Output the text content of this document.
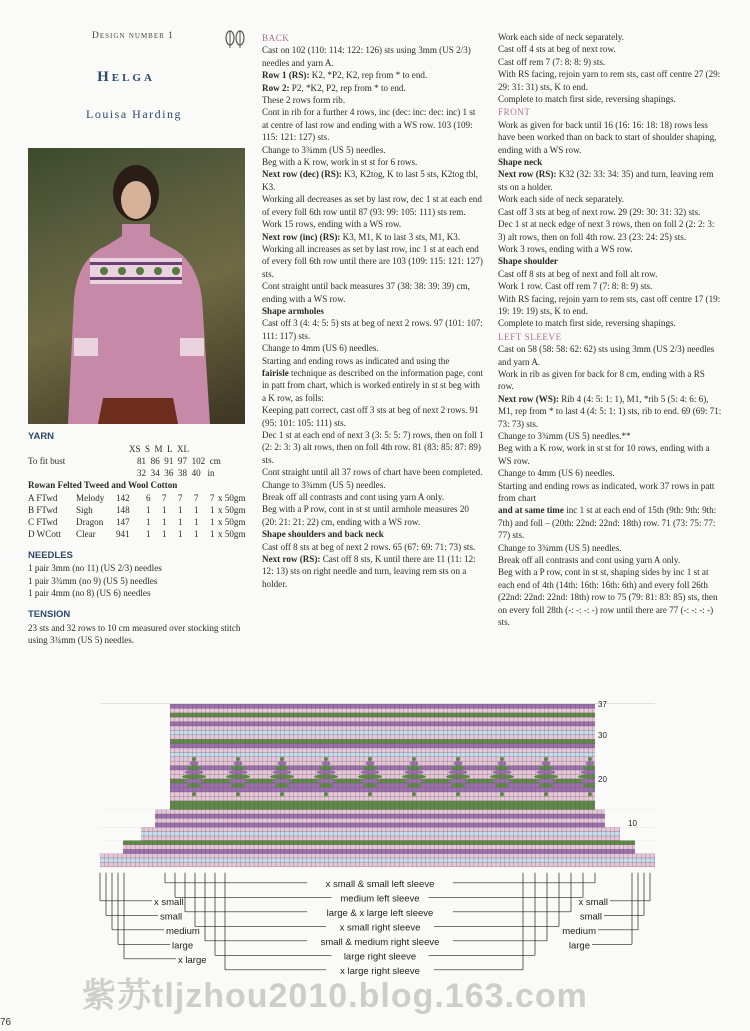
Design number 1
Helga
Louisa Harding
YARN
		XS S M L XL
To fit bust	81 86 91 97 102 cm
32 34 36 38 40 in
Rowan Felted Tweed and Wool Cotton
A FTwd Melody 142 6 7 7 7 7 x 50gm
B FTwd Sigh	148 1 1 1 1 1 x 50gm
C FTwd Dragon 147 1 1 1 1 1 x 50gm
D WCott Clear 941 1 1 1 1 1 x 50gm
NEEDLES
1 pair 3mm (no 11) (US 2/3) needles
1 pair 3¾mm (no 9) (US 5) needles
1 pair 4mm (no 8) (US 6) needles
TENSION
23 sts and 32 rows to 10 cm measured over stocking stitch using 3¾mm (US 5) needles.

BACK

Cast on 102 (110: 114: 122: 126) sts using 3mm (US 2/3) needles and yarn A.

Row 1 (RS): K2, *P2, K2, rep from * to end.

Row 2: P2, *K2, P2, rep from * to end.

These 2 rows form rib.

Cont in rib for a further 4 rows, inc (dec: inc: dec: inc) 1 st at centre of last row and ending with a WS row. 103 (109: 115: 121: 127) sts.

Change to 3¾mm (US 5) needles.

Beg with a K row, work in st st for 6 rows.

Next row (dec) (RS): K3, K2tog, K to last 5 sts, K2tog tbl, K3.

Working all decreases as set by last row, dec 1 st at each end of every foll 6th row until 87 (93: 99: 105: 111) sts rem.

Work 15 rows, ending with a WS row.

Next row (inc) (RS): K3, M1, K to last 3 sts, M1, K3.

Working all increases as set by last row, inc 1 st at each end of every foll 6th row until there are 103 (109: 115: 121: 127) sts.

Cont straight until back measures 37 (38: 38: 39: 39) cm, ending with a WS row.

Shape armholes

Cast off 3 (4: 4: 5: 5) sts at beg of next 2 rows. 97 (101: 107: 111: 117) sts.

Change to 4mm (US 6) needles.

Starting and ending rows as indicated and using the

fairisle technique as described on the information page, cont in patt from chart, which is worked entirely in st st beg with a K row, as folls:

Keeping patt correct, cast off 3 sts at beg of next 2 rows. 91 (95: 101: 105: 111) sts.

Dec 1 st at each end of next 3 (3: 5: 5: 7) rows, then on foll 1 (2: 2: 3: 3) alt rows, then on foll 4th row. 81 (83: 85: 87: 89) sts.

Cont straight until all 37 rows of chart have been completed.

Change to 3¾mm (US 5) needles.

Break off all contrasts and cont using yarn A only.

Beg with a P row, cont in st st until armhole measures 20 (20: 21: 21: 22) cm, ending with a WS row.

Shape shoulders and back neck

Cast off 8 sts at beg of next 2 rows. 65 (67: 69: 71: 73) sts.

Next row (RS): Cast off 8 sts, K until there are 11 (11: 12: 12: 13) sts on right needle and turn, leaving rem sts on a holder.

Work each side of neck separately.

Cast off 4 sts at beg of next row.

Cast off rem 7 (7: 8: 8: 9) sts.

With RS facing, rejoin yarn to rem sts, cast off centre 27 (29: 29: 31: 31) sts, K to end.

Complete to match first side, reversing shapings.

FRONT

Work as given for back until 16 (16: 16: 18: 18) rows less have been worked than on back to start of shoulder shaping, ending with a WS row.

Shape neck

Next row (RS): K32 (32: 33: 34: 35) and turn, leaving rem sts on a holder.

Work each side of neck separately.

Cast off 3 sts at beg of next row. 29 (29: 30: 31: 32) sts.

Dec 1 st at neck edge of next 3 rows, then on foll 2 (2: 2: 3: 3) alt rows, then on foll 4th row. 23 (23: 24: 25) sts.

Work 3 rows, ending with a WS row.

Shape shoulder

Cast off 8 sts at beg of next and foll alt row.

Work 1 row. Cast off rem 7 (7: 8: 8: 9) sts.

With RS facing, rejoin yarn to rem sts, cast off centre 17 (19: 19: 19: 19) sts, K to end.

Complete to match first side, reversing shapings.

LEFT SLEEVE

Cast on 58 (58: 58: 62: 62) sts using 3mm (US 2/3) needles and yarn A.

Work in rib as given for back for 8 cm, ending with a RS row.

Next row (WS): Rib 4 (4: 5: 1: 1), M1, *rib 5 (5: 4: 6: 6), M1, rep from * to last 4 (4: 5: 1: 1) sts, rib to end. 69 (69: 71: 73: 73) sts.

Change to 3¾mm (US 5) needles.**

Beg with a K row, work in st st for 10 rows, ending with a WS row.

Change to 4mm (US 6) needles.

Starting and ending rows as indicated, work 37 rows in patt from chart

and at same time inc 1 st at each end of 15th (9th: 9th: 9th: 7th) and foll – (20th: 22nd: 22nd: 18th) row. 71 (73: 75: 77: 77) sts.

Change to 3¾mm (US 5) needles.

Break off all contrasts and cont using yarn A only.

Beg with a P row, cont in st st, shaping sides by inc 1 st at each end of 4th (14th: 16th: 16th: 6th) and every foll 26th (22nd: 22nd: 22nd: 18th) row to 75 (79: 81: 83: 85) sts, then on every foll 28th (-: -: -: -) row until there are 77 (-: -: -: -) sts.

37
30
20
10
x small & small left sleeve
medium left sleeve
large & x large left sleeve
x small right sleeve
small & medium right sleeve
large right sleeve
x large right sleeve
x small
small
medium
large
x large
x small
small
medium
large
紫苏tljzhou2010.blog.163.com
76
